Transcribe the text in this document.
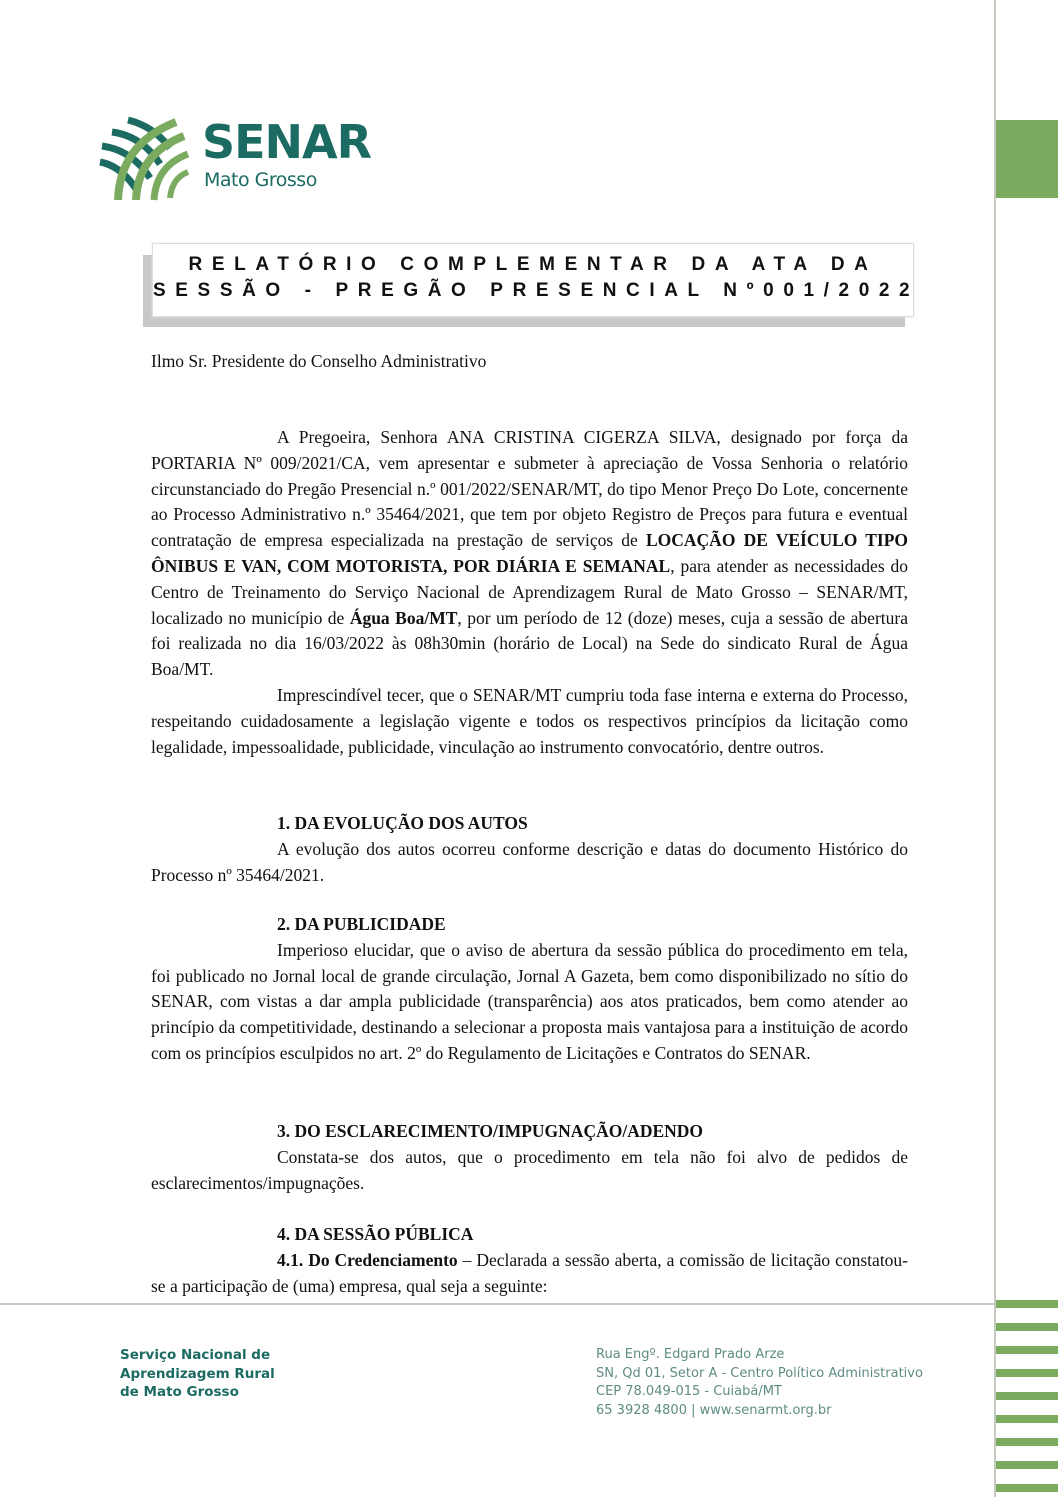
SENAR
Mato Grosso
RELATÓRIO COMPLEMENTAR DA ATA DA
SESSÃO - PREGÃO PRESENCIAL Nº001/2022

Ilmo Sr. Presidente do Conselho Administrativo

A Pregoeira, Senhora ANA CRISTINA CIGERZA SILVA, designado por força da PORTARIA Nº 009/2021/CA, vem apresentar e submeter à apreciação de Vossa Senhoria o relatório circunstanciado do Pregão Presencial n.º 001/2022/SENAR/MT, do tipo Menor Preço Do Lote, concernente ao Processo Administrativo n.º 35464/2021, que tem por objeto Registro de Preços para futura e eventual contratação de empresa especializada na prestação de serviços de LOCAÇÃO DE VEÍCULO TIPO ÔNIBUS E VAN, COM MOTORISTA, POR DIÁRIA E SEMANAL, para atender as necessidades do Centro de Treinamento do Serviço Nacional de Aprendizagem Rural de Mato Grosso – SENAR/MT, localizado no município de Água Boa/MT, por um período de 12 (doze) meses, cuja a sessão de abertura foi realizada no dia 16/03/2022 às 08h30min (horário de Local) na Sede do sindicato Rural de Água Boa/MT.

Imprescindível tecer, que o SENAR/MT cumpriu toda fase interna e externa do Processo, respeitando cuidadosamente a legislação vigente e todos os respectivos princípios da licitação como legalidade, impessoalidade, publicidade, vinculação ao instrumento convocatório, dentre outros.

1. DA EVOLUÇÃO DOS AUTOS

A evolução dos autos ocorreu conforme descrição e datas do documento Histórico do Processo nº 35464/2021.

2. DA PUBLICIDADE

Imperioso elucidar, que o aviso de abertura da sessão pública do procedimento em tela, foi publicado no Jornal local de grande circulação, Jornal A Gazeta, bem como disponibilizado no sítio do SENAR, com vistas a dar ampla publicidade (transparência) aos atos praticados, bem como atender ao princípio da competitividade, destinando a selecionar a proposta mais vantajosa para a instituição de acordo com os princípios esculpidos no art. 2º do Regulamento de Licitações e Contratos do SENAR.

3. DO ESCLARECIMENTO/IMPUGNAÇÃO/ADENDO

Constata-se dos autos, que o procedimento em tela não foi alvo de pedidos de esclarecimentos/impugnações.

4. DA SESSÃO PÚBLICA

4.1. Do Credenciamento – Declarada a sessão aberta, a comissão de licitação constatou-se a participação de (uma) empresa, qual seja a seguinte:

Serviço Nacional de
Aprendizagem Rural
de Mato Grosso
Rua Engº. Edgard Prado Arze
SN, Qd 01, Setor A - Centro Político Administrativo
CEP 78.049-015 - Cuiabá/MT
65 3928 4800 | www.senarmt.org.br
